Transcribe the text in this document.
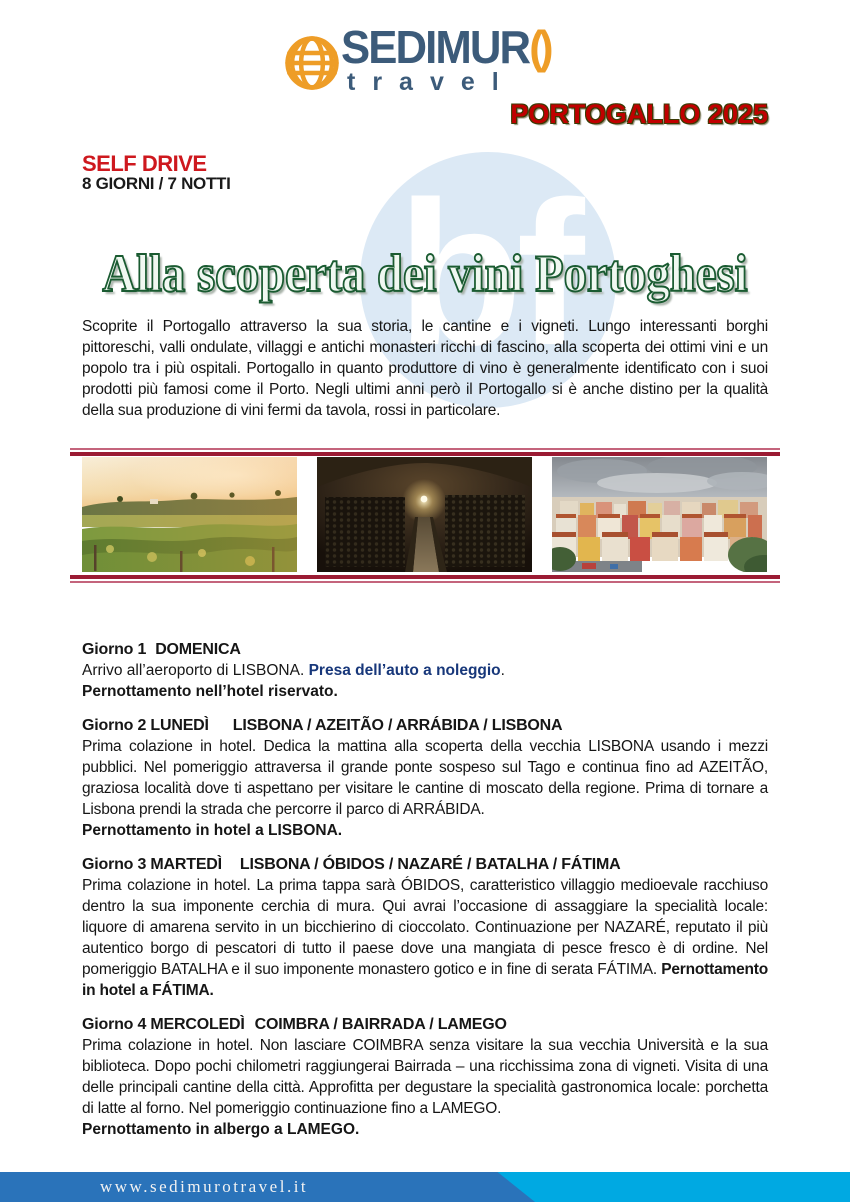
bf
SEDIMUR()
travel
PORTOGALLO 2025
SELF DRIVE
8 GIORNI / 7 NOTTI
Alla scoperta dei vini Portoghesi
Scoprite il Portogallo attraverso la sua storia, le cantine e i vigneti. Lungo interessanti borghi pittoreschi, valli ondulate, villaggi e antichi monasteri ricchi di fascino, alla scoperta dei ottimi vini e un popolo tra i più ospitali. Portogallo in quanto produttore di vino è generalmente identificato con i suoi prodotti più famosi come il Porto. Negli ultimi anni però il Portogallo si è anche distino per la qualità della sua produzione di vini fermi da tavola, rossi in particolare.
Giorno 1 DOMENICA
Arrivo all’aeroporto di LISBONA. Presa dell’auto a noleggio.
Pernottamento nell’hotel riservato.
Giorno 2 LUNEDÌ LISBONA / AZEITÃO / ARRÁBIDA / LISBONA
Prima colazione in hotel. Dedica la mattina alla scoperta della vecchia LISBONA usando i mezzi pubblici. Nel pomeriggio attraversa il grande ponte sospeso sul Tago e continua fino ad AZEITÃO, graziosa località dove ti aspettano per visitare le cantine di moscato della regione. Prima di tornare a Lisbona prendi la strada che percorre il parco di ARRÁBIDA.
Pernottamento in hotel a LISBONA.
Giorno 3 MARTEDÌ LISBONA / ÓBIDOS / NAZARÉ / BATALHA / FÁTIMA
Prima colazione in hotel. La prima tappa sarà ÓBIDOS, caratteristico villaggio medioevale racchiuso dentro la sua imponente cerchia di mura. Qui avrai l’occasione di assaggiare la specialità locale: liquore di amarena servito in un bicchierino di cioccolato. Continuazione per NAZARÉ, reputato il più autentico borgo di pescatori di tutto il paese dove una mangiata di pesce fresco è di ordine. Nel pomeriggio BATALHA e il suo imponente monastero gotico e in fine di serata FÁTIMA. Pernottamento in hotel a FÁTIMA.
Giorno 4 MERCOLEDÌ COIMBRA / BAIRRADA / LAMEGO
Prima colazione in hotel. Non lasciare COIMBRA senza visitare la sua vecchia Università e la sua biblioteca. Dopo pochi chilometri raggiungerai Bairrada – una ricchissima zona di vigneti. Visita di una delle principali cantine della città. Approfitta per degustare la specialità gastronomica locale: porchetta di latte al forno. Nel pomeriggio continuazione fino a LAMEGO.
Pernottamento in albergo a LAMEGO.
www.sedimurotravel.it
